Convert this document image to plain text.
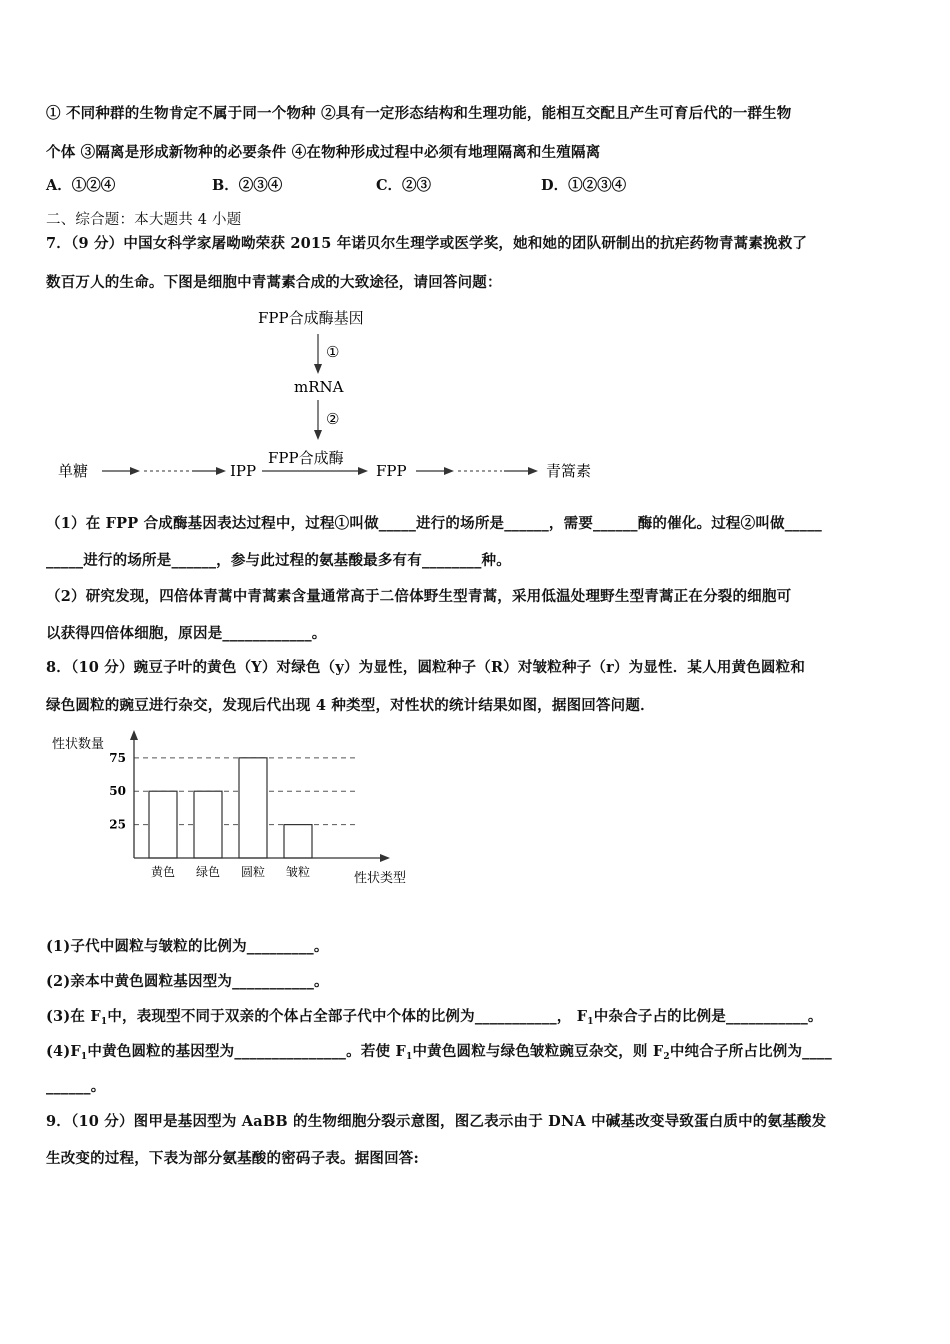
① 不同种群的生物肯定不属于同一个物种 ②具有一定形态结构和生理功能，能相互交配且产生可育后代的一群生物
个体 ③隔离是形成新物种的必要条件 ④在物种形成过程中必须有地理隔离和生殖隔离
A．①②④	B．②③④	C．②③	D．①②③④
二、综合题：本大题共 4 小题
7．（9 分）中国女科学家屠呦呦荣获 2015 年诺贝尔生理学或医学奖，她和她的团队研制出的抗疟药物青蒿素挽救了
数百万人的生命。下图是细胞中青蒿素合成的大致途径，请回答问题：
FPP合成酶基因
①
mRNA
②
FPP合成酶
单糖	IPP	FPP	青篙素
（1）在 FPP 合成酶基因表达过程中，过程①叫做_____进行的场所是______，需要______酶的催化。过程②叫做_____
_____进行的场所是______，参与此过程的氨基酸最多有有________种。
（2）研究发现，四倍体青蒿中青蒿素含量通常高于二倍体野生型青蒿，采用低温处理野生型青蒿正在分裂的细胞可
以获得四倍体细胞，原因是____________。
8．（10 分）豌豆子叶的黄色（Y）对绿色（y）为显性，圆粒种子（R）对皱粒种子（r）为显性．某人用黄色圆粒和
绿色圆粒的豌豆进行杂交，发现后代出现 4 种类型，对性状的统计结果如图，据图回答问题．
25
50
75
黄色 绿色 圆粒 皱粒
性状数量
性状类型
(1)子代中圆粒与皱粒的比例为_________。
(2)亲本中黄色圆粒基因型为___________。
(3)在 $F_1$中，表现型不同于双亲的个体占全部子代中个体的比例为___________， $F_1$中杂合子占的比例是___________。
$(4)F_1$中黄色圆粒的基因型为_______________。若使 $F_1$中黄色圆粒与绿色皱粒豌豆杂交，则 $F_2$中纯合子所占比例为____
______。
9．（10 分）图甲是基因型为 AaBB 的生物细胞分裂示意图，图乙表示由于 DNA 中碱基改变导致蛋白质中的氨基酸发
生改变的过程，下表为部分氨基酸的密码子表。据图回答:
